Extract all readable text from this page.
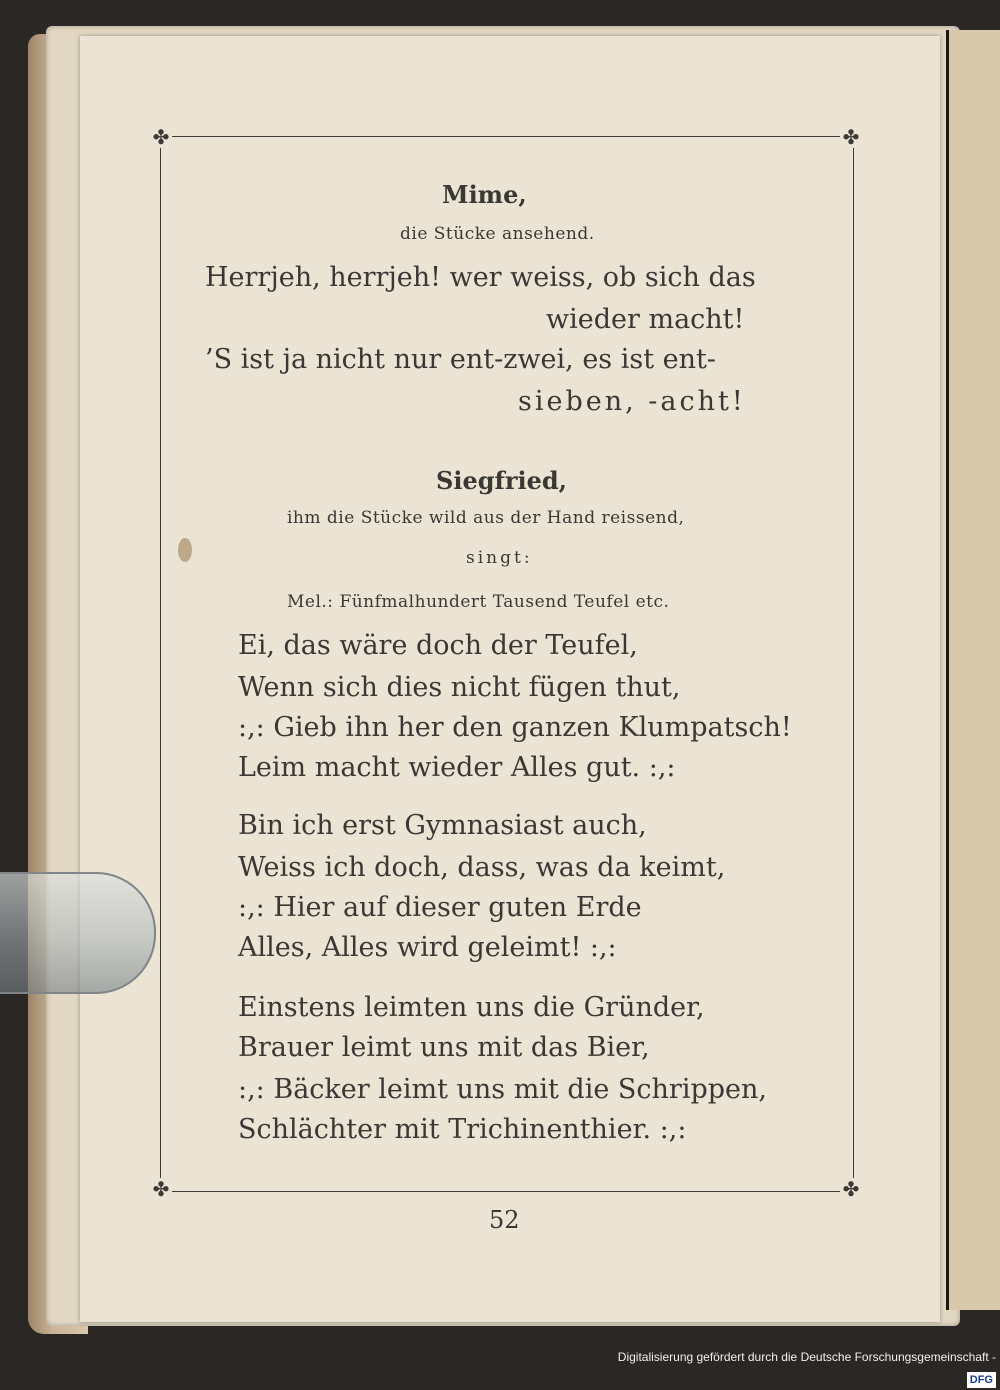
✤	✤
✤	✤
Mime,
die Stücke ansehend.
Herrjeh, herrjeh! wer weiss, ob sich das
wieder macht!
’S ist ja nicht nur ent-zwei, es ist ent-
sieben, -acht!
Siegfried,
ihm die Stücke wild aus der Hand reissend,
singt:
Mel.: Fünfmalhundert Tausend Teufel etc.
Ei, das wäre doch der Teufel,
Wenn sich dies nicht fügen thut,
:,: Gieb ihn her den ganzen Klumpatsch!
Leim macht wieder Alles gut. :,:
Bin ich erst Gymnasiast auch,
Weiss ich doch, dass, was da keimt,
:,: Hier auf dieser guten Erde
Alles, Alles wird geleimt! :,:
Einstens leimten uns die Gründer,
Brauer leimt uns mit das Bier,
:,: Bäcker leimt uns mit die Schrippen,
Schlächter mit Trichinenthier. :,:
52
Digitalisierung gefördert durch die Deutsche Forschungsgemeinschaft - DFG
